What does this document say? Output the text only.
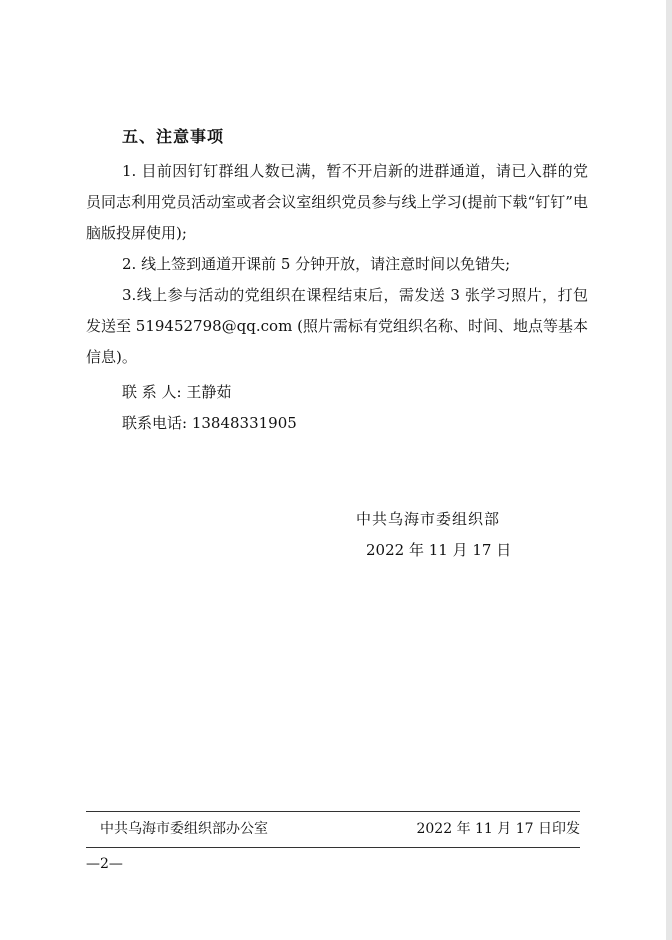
五、注意事项
1. 目前因钉钉群组人数已满，暂不开启新的进群通道，请已入群的党员同志利用党员活动室或者会议室组织党员参与线上学习(提前下载“钉钉”电脑版投屏使用);
2. 线上签到通道开课前 5 分钟开放，请注意时间以免错失;
3.线上参与活动的党组织在课程结束后，需发送 3 张学习照片，打包发送至 519452798@qq.com (照片需标有党组织名称、时间、地点等基本信息)。
联 系 人: 王静茹
联系电话: 13848331905
中共乌海市委组织部
2022 年 11 月 17 日
中共乌海市委组织部办公室	2022 年 11 月 17 日印发
—2—
